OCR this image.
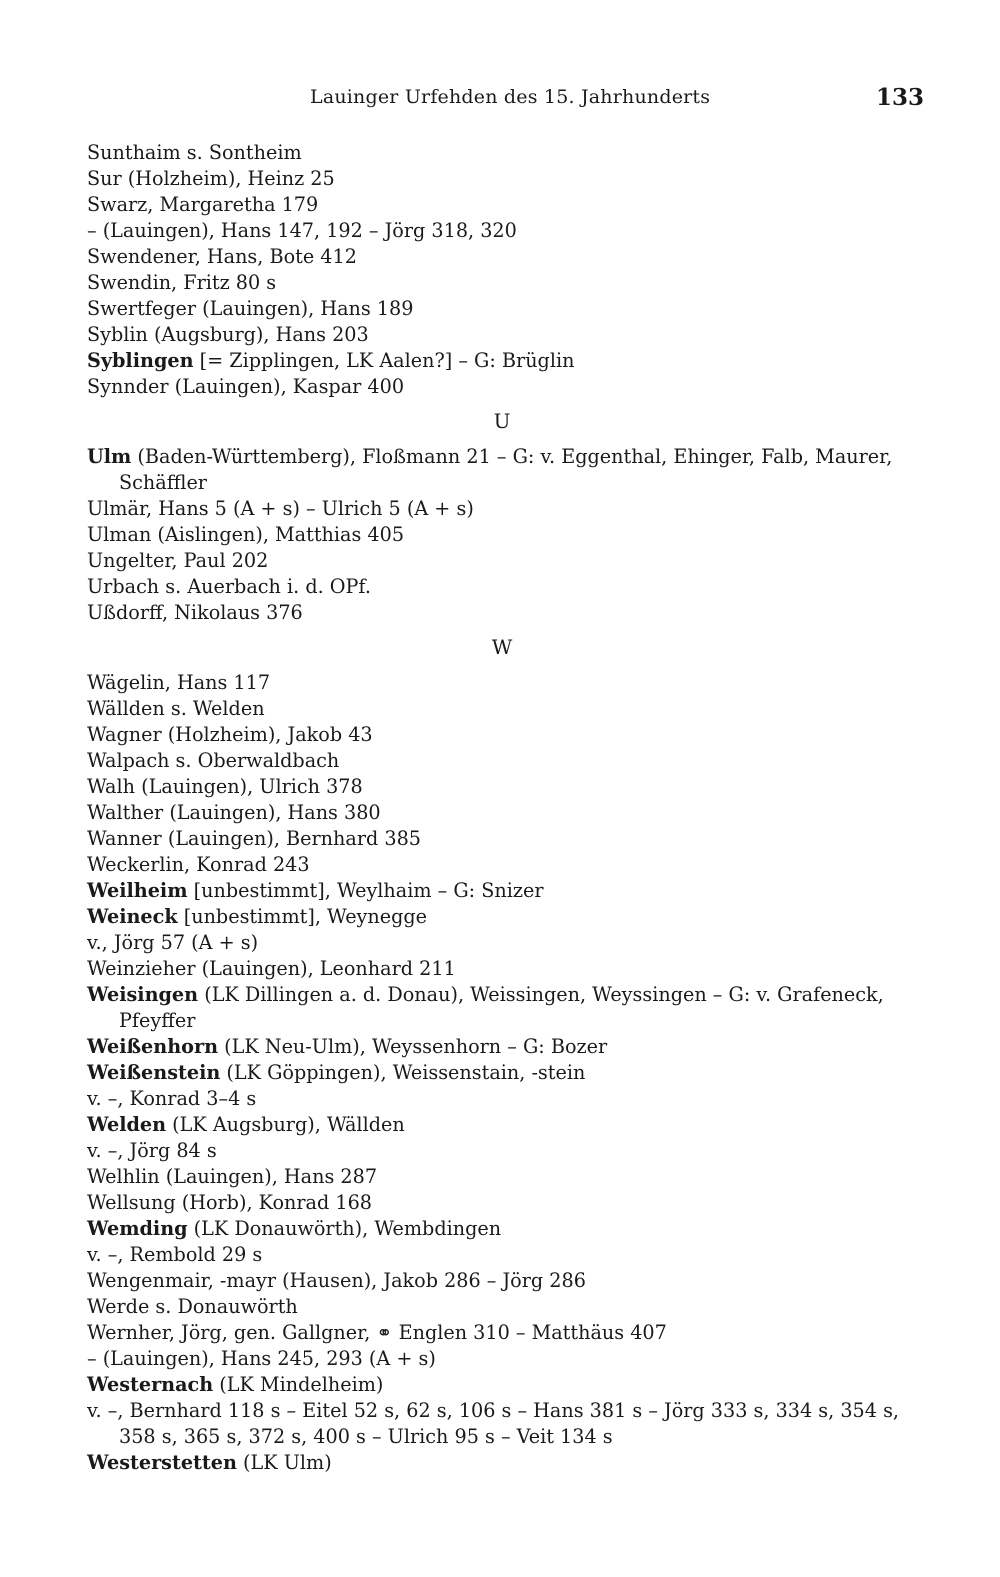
Lauinger Urfehden des 15. Jahrhunderts	133
Sunthaim s. Sontheim
Sur (Holzheim), Heinz 25
Swarz, Margaretha 179
– (Lauingen), Hans 147, 192 – Jörg 318, 320
Swendener, Hans, Bote 412
Swendin, Fritz 80 s
Swertfeger (Lauingen), Hans 189
Syblin (Augsburg), Hans 203
Syblingen [= Zipplingen, LK Aalen?] – G: Brüglin
Synnder (Lauingen), Kaspar 400
U
Ulm (Baden-Württemberg), Floßmann 21 – G: v. Eggenthal, Ehinger, Falb, Maurer,
Schäffler
Ulmär, Hans 5 (A + s) – Ulrich 5 (A + s)
Ulman (Aislingen), Matthias 405
Ungelter, Paul 202
Urbach s. Auerbach i. d. OPf.
Ußdorff, Nikolaus 376
W
Wägelin, Hans 117
Wällden s. Welden
Wagner (Holzheim), Jakob 43
Walpach s. Oberwaldbach
Walh (Lauingen), Ulrich 378
Walther (Lauingen), Hans 380
Wanner (Lauingen), Bernhard 385
Weckerlin, Konrad 243
Weilheim [unbestimmt], Weylhaim – G: Snizer
Weineck [unbestimmt], Weynegge
v., Jörg 57 (A + s)
Weinzieher (Lauingen), Leonhard 211
Weisingen (LK Dillingen a. d. Donau), Weissingen, Weyssingen – G: v. Grafeneck,
Pfeyffer
Weißenhorn (LK Neu-Ulm), Weyssenhorn – G: Bozer
Weißenstein (LK Göppingen), Weissenstain, -stein
v. –, Konrad 3–4 s
Welden (LK Augsburg), Wällden
v. –, Jörg 84 s
Welhlin (Lauingen), Hans 287
Wellsung (Horb), Konrad 168
Wemding (LK Donauwörth), Wembdingen
v. –, Rembold 29 s
Wengenmair, -mayr (Hausen), Jakob 286 – Jörg 286
Werde s. Donauwörth
Wernher, Jörg, gen. Gallgner, ⚭ Englen 310 – Matthäus 407
– (Lauingen), Hans 245, 293 (A + s)
Westernach (LK Mindelheim)
v. –, Bernhard 118 s – Eitel 52 s, 62 s, 106 s – Hans 381 s – Jörg 333 s, 334 s, 354 s,
358 s, 365 s, 372 s, 400 s – Ulrich 95 s – Veit 134 s
Westerstetten (LK Ulm)
